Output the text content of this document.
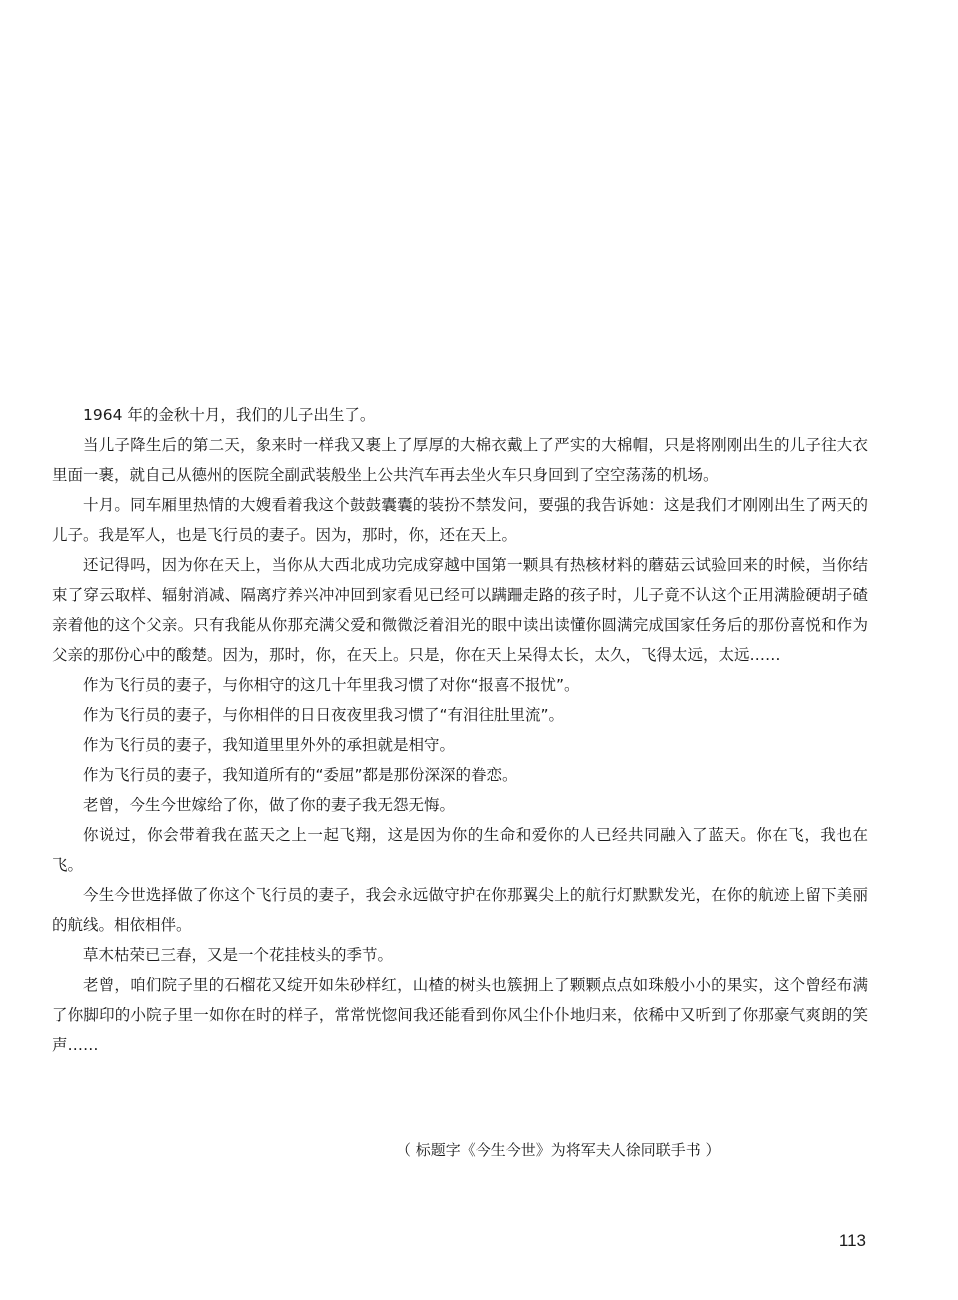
1964 年的金秋十月，我们的儿子出生了。

当儿子降生后的第二天，象来时一样我又裹上了厚厚的大棉衣戴上了严实的大棉帽，只是将刚刚出生的儿子往大衣里面一裹，就自己从德州的医院全副武装般坐上公共汽车再去坐火车只身回到了空空荡荡的机场。

十月。同车厢里热情的大嫂看着我这个鼓鼓囊囊的装扮不禁发问，要强的我告诉她：这是我们才刚刚出生了两天的儿子。我是军人，也是飞行员的妻子。因为，那时，你，还在天上。

还记得吗，因为你在天上，当你从大西北成功完成穿越中国第一颗具有热核材料的蘑菇云试验回来的时候，当你结束了穿云取样、辐射消减、隔离疗养兴冲冲回到家看见已经可以蹒跚走路的孩子时，儿子竟不认这个正用满脸硬胡子碴亲着他的这个父亲。只有我能从你那充满父爱和微微泛着泪光的眼中读出读懂你圆满完成国家任务后的那份喜悦和作为父亲的那份心中的酸楚。因为，那时，你，在天上。只是，你在天上呆得太长，太久，飞得太远，太远……

作为飞行员的妻子，与你相守的这几十年里我习惯了对你“报喜不报忧”。

作为飞行员的妻子，与你相伴的日日夜夜里我习惯了“有泪往肚里流”。

作为飞行员的妻子，我知道里里外外的承担就是相守。

作为飞行员的妻子，我知道所有的“委屈”都是那份深深的眷恋。

老曾，今生今世嫁给了你，做了你的妻子我无怨无悔。

你说过，你会带着我在蓝天之上一起飞翔，这是因为你的生命和爱你的人已经共同融入了蓝天。你在飞，我也在飞。

今生今世选择做了你这个飞行员的妻子，我会永远做守护在你那翼尖上的航行灯默默发光，在你的航迹上留下美丽的航线。相依相伴。

草木枯荣已三春，又是一个花挂枝头的季节。

老曾，咱们院子里的石榴花又绽开如朱砂样红，山楂的树头也簇拥上了颗颗点点如珠般小小的果实，这个曾经布满了你脚印的小院子里一如你在时的样子，常常恍惚间我还能看到你风尘仆仆地归来，依稀中又听到了你那豪气爽朗的笑声……

（ 标题字《今生今世》为将军夫人徐同联手书 ）
113
